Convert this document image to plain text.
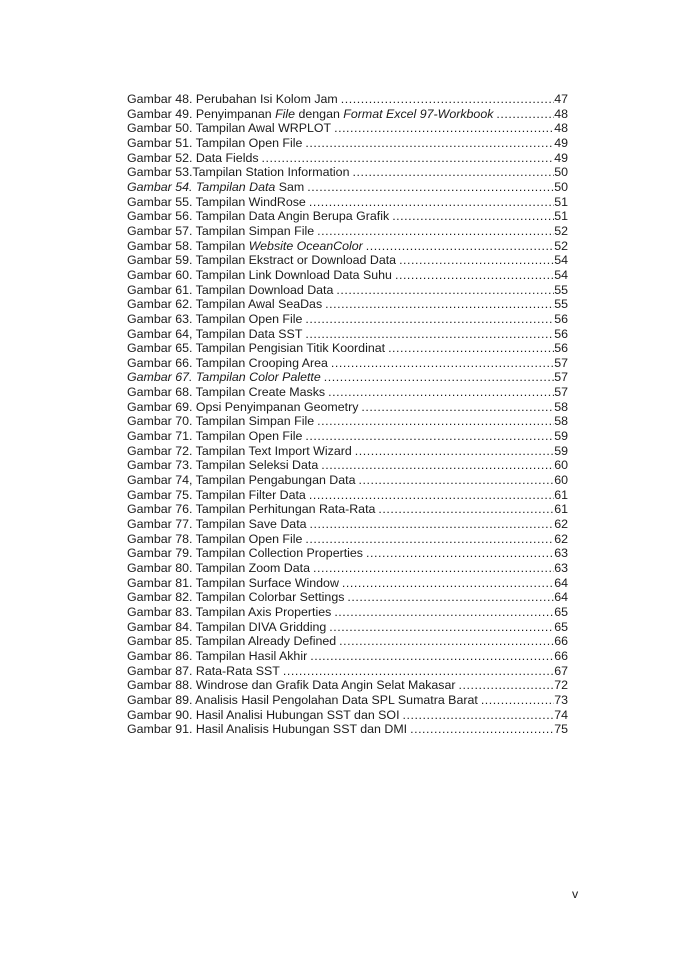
Gambar 48. Perubahan Isi Kolom Jam .....	47
Gambar 49. Penyimpanan File dengan Format Excel 97-Workbook .....	48
Gambar 50. Tampilan Awal WRPLOT .....	48
Gambar 51. Tampilan Open File .....	49
Gambar 52. Data Fields .....	49
Gambar 53.Tampilan Station Information .....	50
Gambar 54. Tampilan Data Sam .....	50
Gambar 55. Tampilan WindRose .....	51
Gambar 56. Tampilan Data Angin Berupa Grafik .....	51
Gambar 57. Tampilan Simpan File .....	52
Gambar 58. Tampilan Website OceanColor .....	52
Gambar 59. Tampilan Ekstract or Download Data .....	54
Gambar 60. Tampilan Link Download Data Suhu .....	54
Gambar 61. Tampilan Download Data .....	55
Gambar 62. Tampilan Awal SeaDas .....	55
Gambar 63. Tampilan Open File .....	56
Gambar 64, Tampilan Data SST .....	56
Gambar 65. Tampilan Pengisian Titik Koordinat .....	56
Gambar 66. Tampilan Crooping Area .....	57
Gambar 67. Tampilan Color Palette .....	57
Gambar 68. Tampilan Create Masks .....	57
Gambar 69. Opsi Penyimpanan Geometry .....	58
Gambar 70. Tampilan Simpan File .....	58
Gambar 71. Tampilan Open File .....	59
Gambar 72. Tampilan Text Import Wizard .....	59
Gambar 73. Tampilan Seleksi Data .....	60
Gambar 74, Tampilan Pengabungan Data .....	60
Gambar 75. Tampilan Filter Data .....	61
Gambar 76. Tampilan Perhitungan Rata-Rata .....	61
Gambar 77. Tampilan Save Data .....	62
Gambar 78. Tampilan Open File .....	62
Gambar 79. Tampilan Collection Properties .....	63
Gambar 80. Tampilan Zoom Data .....	63
Gambar 81. Tampilan Surface Window .....	64
Gambar 82. Tampilan Colorbar Settings .....	64
Gambar 83. Tampilan Axis Properties .....	65
Gambar 84. Tampilan DIVA Gridding .....	65
Gambar 85. Tampilan Already Defined .....	66
Gambar 86. Tampilan Hasil Akhir .....	66
Gambar 87. Rata-Rata SST .....	67
Gambar 88. Windrose dan Grafik Data Angin Selat Makasar .....	72
Gambar 89. Analisis Hasil Pengolahan Data SPL Sumatra Barat .....	73
Gambar 90. Hasil Analisi Hubungan SST dan SOI .....	74
Gambar 91. Hasil Analisis Hubungan SST dan DMI .....	75
v
